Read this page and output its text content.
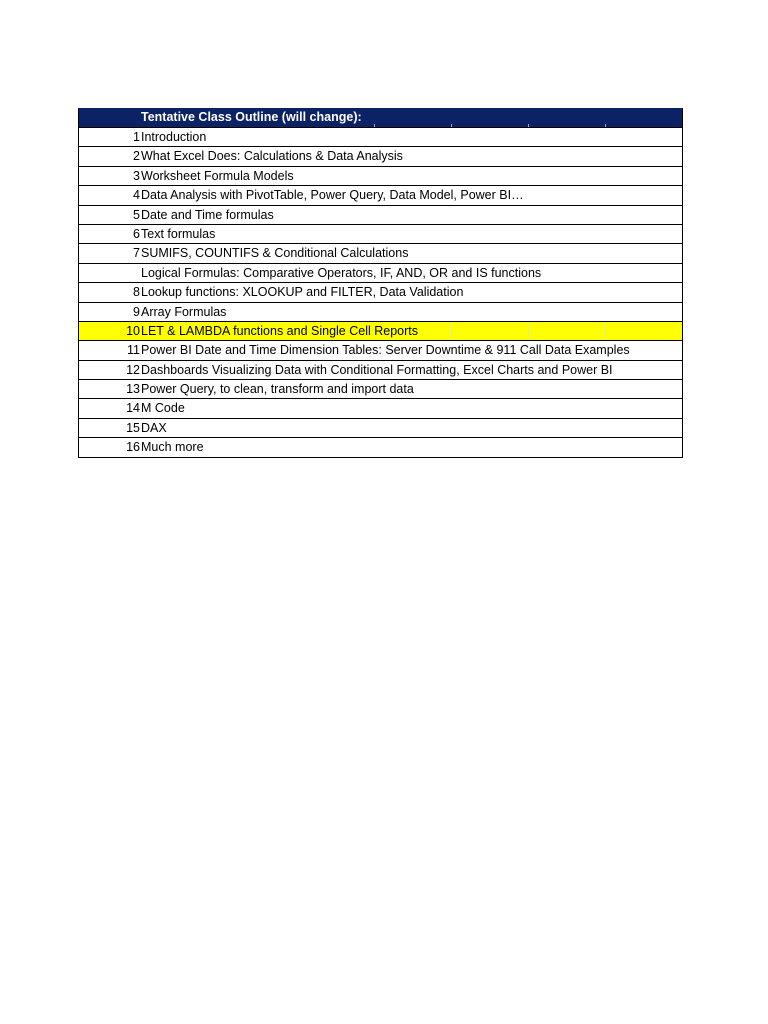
Tentative Class Outline (will change):
1 Introduction
2 What Excel Does: Calculations & Data Analysis
3 Worksheet Formula Models
4 Data Analysis with PivotTable, Power Query, Data Model, Power BI…
5 Date and Time formulas
6 Text formulas
7 SUMIFS, COUNTIFS & Conditional Calculations
Logical Formulas: Comparative Operators, IF, AND, OR and IS functions
8 Lookup functions: XLOOKUP and FILTER, Data Validation
9 Array Formulas
10 LET & LAMBDA functions and Single Cell Reports
11 Power BI Date and Time Dimension Tables: Server Downtime & 911 Call Data Examples
12 Dashboards Visualizing Data with Conditional Formatting, Excel Charts and Power BI
13 Power Query, to clean, transform and import data
14 M Code
15 DAX
16 Much more
